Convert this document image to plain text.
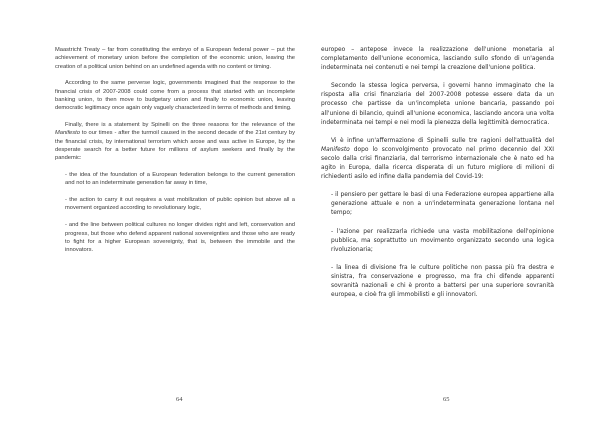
Maastricht Treaty – far from constituting the embryo of a European federal power – put the achievement of monetary union before the completion of the economic union, leaving the creation of a political union behind on an undefined agenda with no content or timing.

According to the same perverse logic, governments imagined that the response to the financial crisis of 2007-2008 could come from a process that started with an incomplete banking union, to then move to budgetary union and finally to economic union, leaving democratic legitimacy once again only vaguely characterized in terms of methods and timing.

Finally, there is a statement by Spinelli on the three reasons for the relevance of the Manifesto to our times - after the turmoil caused in the second decade of the 21st century by the financial crisis, by international terrorism which arose and was active in Europe, by the desperate search for a better future for millions of asylum seekers and finally by the pandemic:

- the idea of the foundation of a European federation belongs to the current generation and not to an indeterminate generation far away in time,

- the action to carry it out requires a vast mobilization of public opinion but above all a movement organized according to revolutionary logic,

- and the line between political cultures no longer divides right and left, conservation and progress, but those who defend apparent national sovereignties and those who are ready to fight for a higher European sovereignty, that is, between the immobile and the innovators.

64

europeo – antepose invece la realizzazione dell'unione monetaria al completamento dell'unione economica, lasciando sullo sfondo di un'agenda indeterminata nei contenuti e nei tempi la creazione dell'unione politica.

Secondo la stessa logica perversa, i governi hanno immaginato che la risposta alla crisi finanziaria del 2007-2008 potesse essere data da un processo che partisse da un'incompleta unione bancaria, passando poi all'unione di bilancio, quindi all'unione economica, lasciando ancora una volta indeterminata nei tempi e nei modi la pienezza della legittimità democratica.

Vi è infine un'affermazione di Spinelli sulle tre ragioni dell'attualità del Manifesto dopo lo sconvolgimento provocato nel primo decennio del XXI secolo dalla crisi finanziaria, dal terrorismo internazionale che è nato ed ha agito in Europa, dalla ricerca disperata di un futuro migliore di milioni di richiedenti asilo ed infine dalla pandemia del Covid-19:

- il pensiero per gettare le basi di una Federazione europea appartiene alla generazione attuale e non a un'indeterminata generazione lontana nel tempo;

- l'azione per realizzarla richiede una vasta mobilitazione dell'opinione pubblica, ma soprattutto un movimento organizzato secondo una logica rivoluzionaria;

- la linea di divisione fra le culture politiche non passa più fra destra e sinistra, fra conservazione e progresso, ma fra chi difende apparenti sovranità nazionali e chi è pronto a battersi per una superiore sovranità europea, e cioè fra gli immobilisti e gli innovatori.

65
